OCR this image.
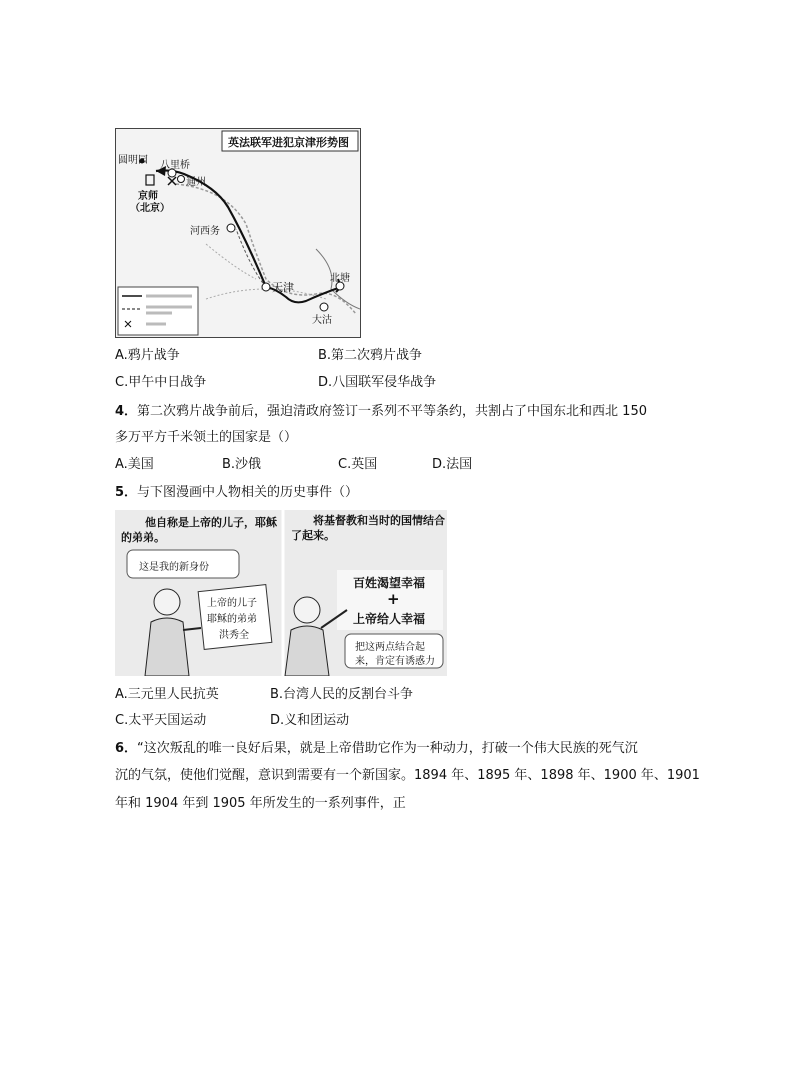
英法联军进犯京津形势图
圆明园 八里桥
通州
京师
（北京）
河西务
天津
北塘
大沽
A.鸦片战争	B.第二次鸦片战争
C.甲午中日战争	D.八国联军侵华战争
4．第二次鸦片战争前后，强迫清政府签订一系列不平等条约，共割占了中国东北和西北 150
多万平方千米领土的国家是（）
A.美国	B.沙俄	C.英国	D.法国
5．与下图漫画中人物相关的历史事件（）
他自称是上帝的儿子，耶稣
的弟弟。
这是我的新身份
上帝的儿子
耶稣的弟弟
洪秀全
将基督教和当时的国情结合
了起来。
百姓渴望幸福
+
上帝给人幸福
把这两点结合起
来，肯定有诱惑力
A.三元里人民抗英	B.台湾人民的反割台斗争
C.太平天国运动	D.义和团运动
6．“这次叛乱的唯一良好后果，就是上帝借助它作为一种动力，打破一个伟大民族的死气沉
沉的气氛，使他们觉醒，意识到需要有一个新国家。1894 年、1895 年、1898 年、1900 年、1901
年和 1904 年到 1905 年所发生的一系列事件，正
